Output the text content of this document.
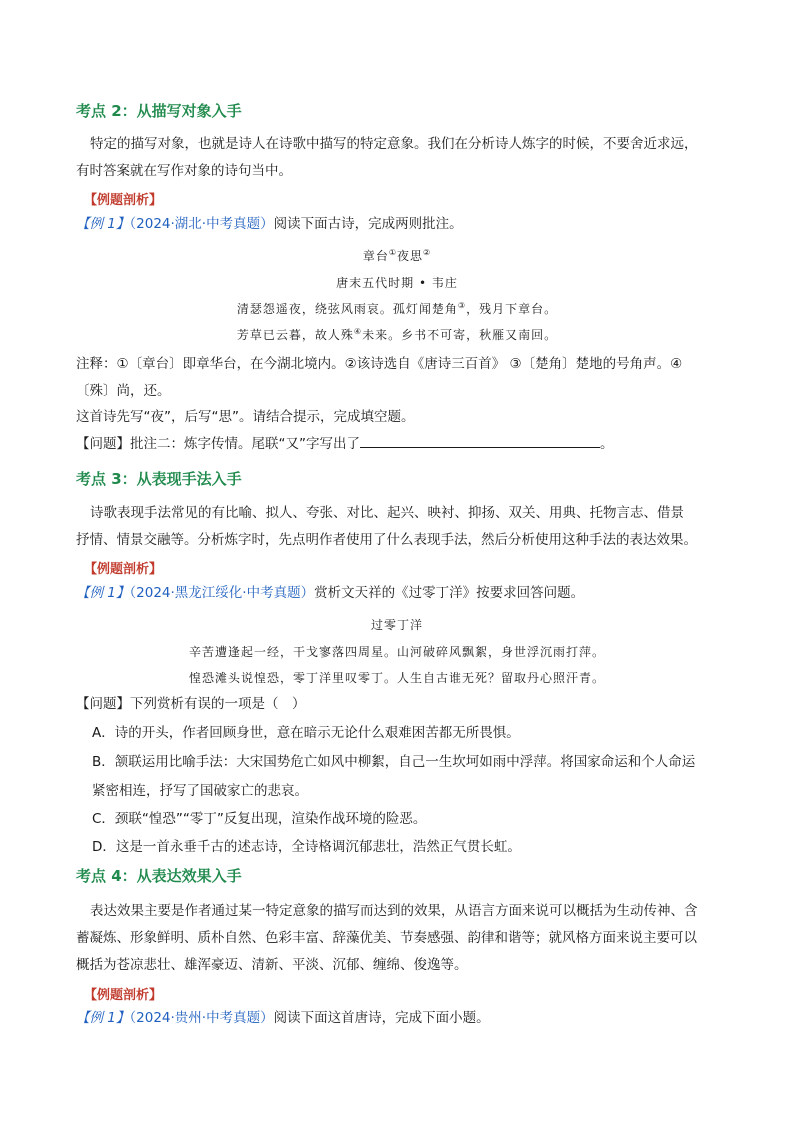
考点 2：从描写对象入手
特定的描写对象，也就是诗人在诗歌中描写的特定意象。我们在分析诗人炼字的时候，不要舍近求远，
有时答案就在写作对象的诗句当中。
【例题剖析】
【例 1】（2024·湖北·中考真题）阅读下面古诗，完成两则批注。
章台①夜思②
唐末五代时期 • 韦庄
清瑟怨遥夜，绕弦风雨哀。孤灯闻楚角③，残月下章台。
芳草已云暮，故人殊④未来。乡书不可寄，秋雁又南回。
注释：①〔章台〕即章华台，在今湖北境内。②该诗选自《唐诗三百首》 ③〔楚角〕楚地的号角声。④
〔殊〕尚，还。
这首诗先写“夜”，后写“思”。请结合提示，完成填空题。
【问题】批注二：炼字传情。尾联“又”字写出了	。
考点 3：从表现手法入手
诗歌表现手法常见的有比喻、拟人、夸张、对比、起兴、映衬、抑扬、双关、用典、托物言志、借景
抒情、情景交融等。分析炼字时，先点明作者使用了什么表现手法，然后分析使用这种手法的表达效果。
【例题剖析】
【例 1】（2024·黑龙江绥化·中考真题）赏析文天祥的《过零丁洋》按要求回答问题。
过零丁洋
辛苦遭逢起一经，干戈寥落四周星。山河破碎风飘絮，身世浮沉雨打萍。
惶恐滩头说惶恐，零丁洋里叹零丁。人生自古谁无死？留取丹心照汗青。
【问题】下列赏析有误的一项是（　）
A．诗的开头，作者回顾身世，意在暗示无论什么艰难困苦都无所畏惧。
B．颔联运用比喻手法：大宋国势危亡如风中柳絮，自己一生坎坷如雨中浮萍。将国家命运和个人命运
紧密相连，抒写了国破家亡的悲哀。
C．颈联“惶恐”“零丁”反复出现，渲染作战环境的险恶。
D．这是一首永垂千古的述志诗，全诗格调沉郁悲壮，浩然正气贯长虹。
考点 4：从表达效果入手
表达效果主要是作者通过某一特定意象的描写而达到的效果，从语言方面来说可以概括为生动传神、含
蓄凝炼、形象鲜明、质朴自然、色彩丰富、辞藻优美、节奏感强、韵律和谐等；就风格方面来说主要可以
概括为苍凉悲壮、雄浑豪迈、清新、平淡、沉郁、缠绵、俊逸等。
【例题剖析】
【例 1】（2024·贵州·中考真题）阅读下面这首唐诗，完成下面小题。
